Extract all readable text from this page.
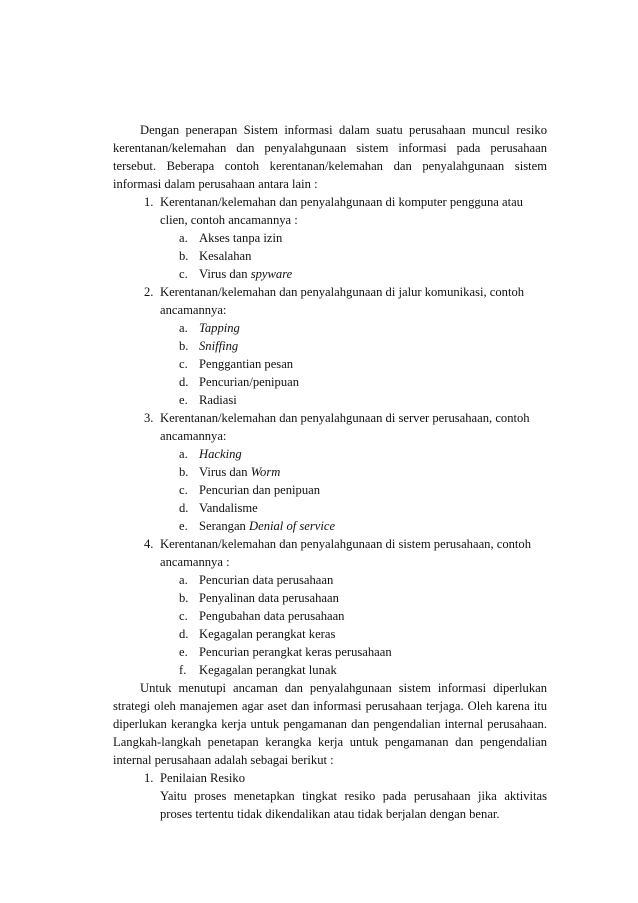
Dengan penerapan Sistem informasi dalam suatu perusahaan muncul resiko kerentanan/kelemahan dan penyalahgunaan sistem informasi pada perusahaan tersebut. Beberapa contoh kerentanan/kelemahan dan penyalahgunaan sistem informasi dalam perusahaan antara lain :
1. Kerentanan/kelemahan dan penyalahgunaan di komputer pengguna atau
clien, contoh ancamannya :
a. Akses tanpa izin
b. Kesalahan
c. Virus dan spyware
2. Kerentanan/kelemahan dan penyalahgunaan di jalur komunikasi, contoh
ancamannya:
a. Tapping
b. Sniffing
c. Penggantian pesan
d. Pencurian/penipuan
e. Radiasi
3. Kerentanan/kelemahan dan penyalahgunaan di server perusahaan, contoh
ancamannya:
a. Hacking
b. Virus dan Worm
c. Pencurian dan penipuan
d. Vandalisme
e. Serangan Denial of service
4. Kerentanan/kelemahan dan penyalahgunaan di sistem perusahaan, contoh
ancamannya :
a. Pencurian data perusahaan
b. Penyalinan data perusahaan
c. Pengubahan data perusahaan
d. Kegagalan perangkat keras
e. Pencurian perangkat keras perusahaan
f. Kegagalan perangkat lunak
Untuk menutupi ancaman dan penyalahgunaan sistem informasi diperlukan strategi oleh manajemen agar aset dan informasi perusahaan terjaga. Oleh karena itu diperlukan kerangka kerja untuk pengamanan dan pengendalian internal perusahaan. Langkah-langkah penetapan kerangka kerja untuk pengamanan dan pengendalian internal perusahaan adalah sebagai berikut :
1. Penilaian Resiko
Yaitu proses menetapkan tingkat resiko pada perusahaan jika aktivitas proses tertentu tidak dikendalikan atau tidak berjalan dengan benar.
